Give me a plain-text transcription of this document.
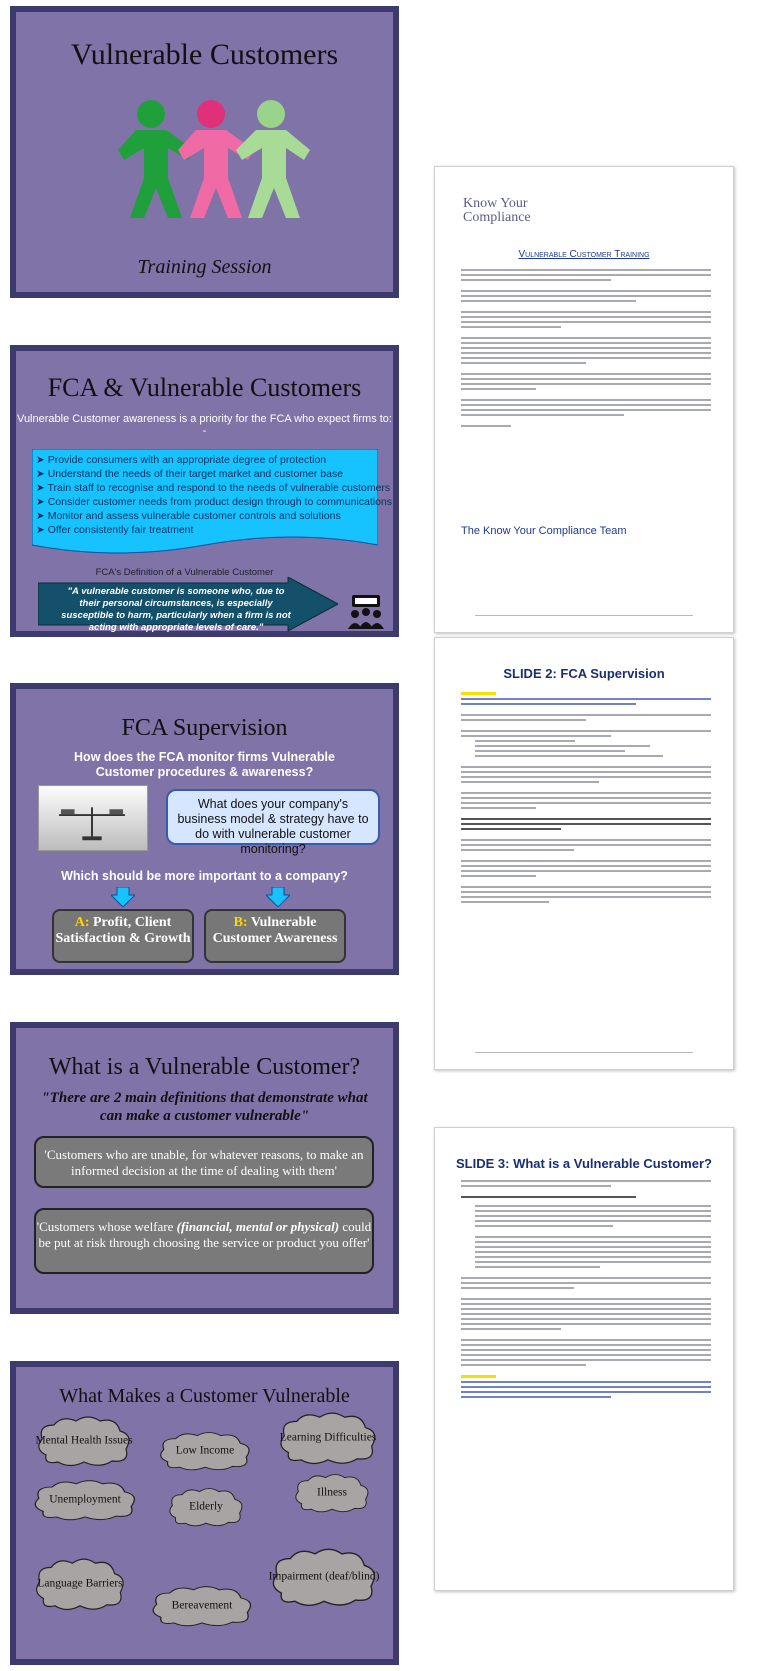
Vulnerable Customers
Training Session
FCA & Vulnerable Customers
Vulnerable Customer awareness is a priority for the FCA who expect firms to: -
➤ Provide consumers with an appropriate degree of protection
➤ Understand the needs of their target market and customer base
➤ Train staff to recognise and respond to the needs of vulnerable customers
➤ Consider customer needs from product design through to communications
➤ Monitor and assess vulnerable customer controls and solutions
➤ Offer consistently fair treatment
FCA's Definition of a Vulnerable Customer
"A vulnerable customer is someone who, due to their personal circumstances, is especially susceptible to harm, particularly when a firm is not acting with appropriate levels of care."
FCA Supervision
How does the FCA monitor firms Vulnerable Customer procedures & awareness?
What does your company's business model & strategy have to do with vulnerable customer monitoring?
Which should be more important to a company?
A: Profit, Client Satisfaction & Growth
B: Vulnerable Customer Awareness
What is a Vulnerable Customer?
"There are 2 main definitions that demonstrate what can make a customer vulnerable"
'Customers who are unable, for whatever reasons, to make an informed decision at the time of dealing with them'
'Customers whose welfare (financial, mental or physical) could be put at risk through choosing the service or product you offer'
What Makes a Customer Vulnerable
Mental Health Issues
Low Income
Learning Difficulties
Unemployment
Elderly
Illness
Language Barriers
Bereavement
Impairment (deaf/blind)
Know Your
Compliance
Vulnerable Customer Training
The Know Your Compliance Team
SLIDE 2: FCA Supervision
SLIDE 3: What is a Vulnerable Customer?
